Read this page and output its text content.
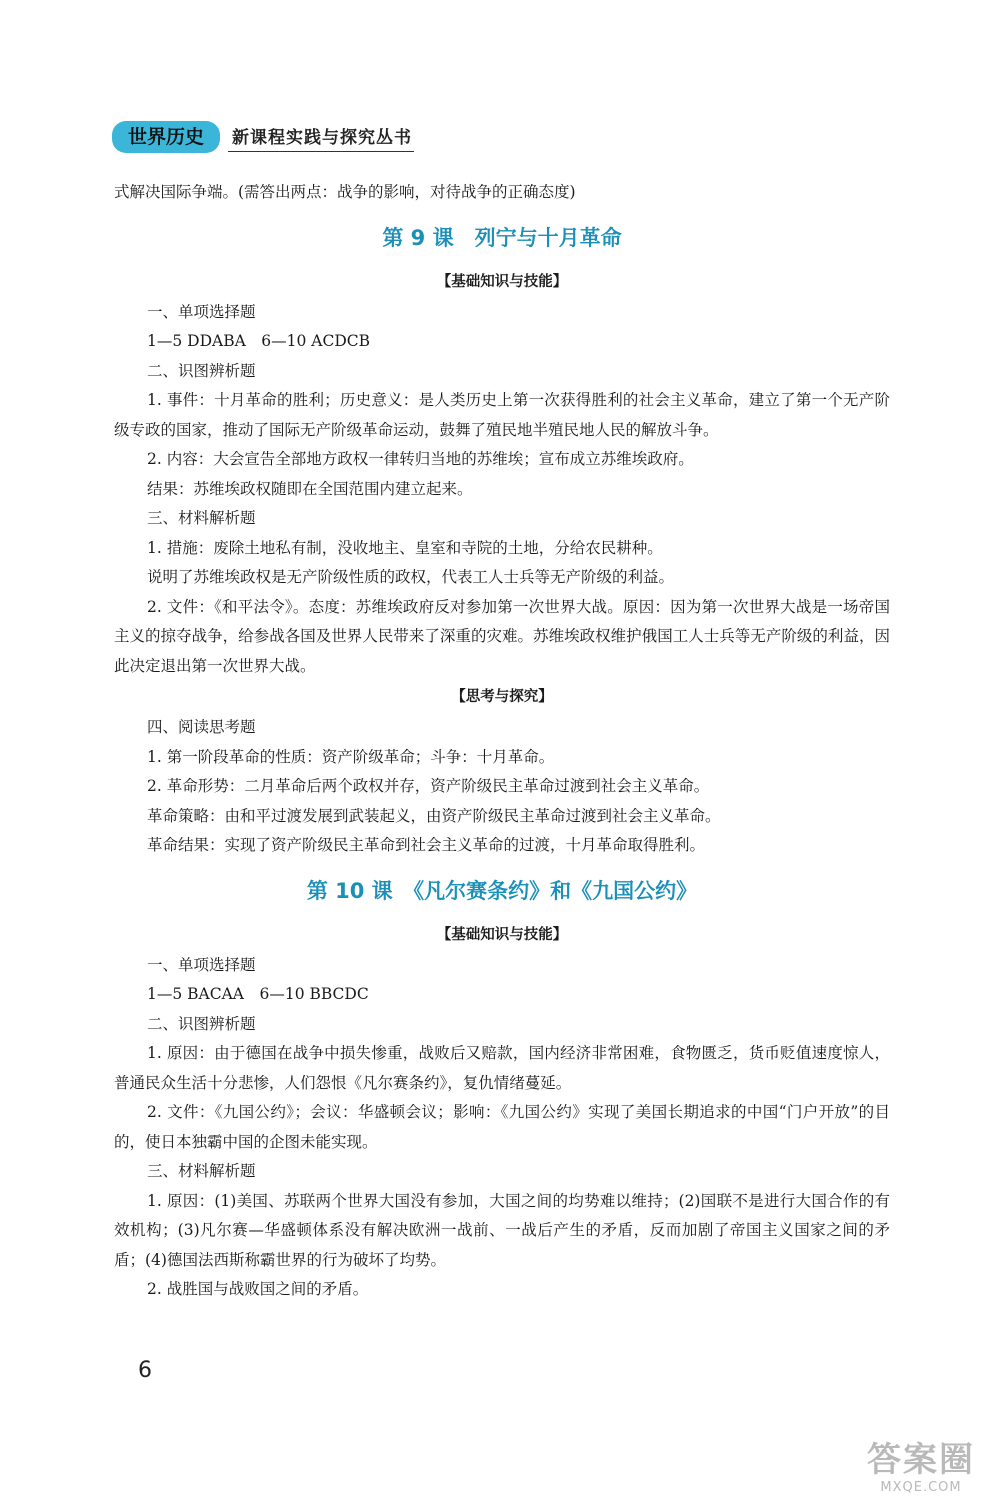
世界历史	新课程实践与探究丛书

式解决国际争端。(需答出两点：战争的影响，对待战争的正确态度)

第 9 课　列宁与十月革命
【基础知识与技能】

一、单项选择题

1—5 DDABA　6—10 ACDCB

二、识图辨析题

1. 事件：十月革命的胜利；历史意义：是人类历史上第一次获得胜利的社会主义革命，建立了第一个无产阶级专政的国家，推动了国际无产阶级革命运动，鼓舞了殖民地半殖民地人民的解放斗争。

2. 内容：大会宣告全部地方政权一律转归当地的苏维埃；宣布成立苏维埃政府。

结果：苏维埃政权随即在全国范围内建立起来。

三、材料解析题

1. 措施：废除土地私有制，没收地主、皇室和寺院的土地，分给农民耕种。

说明了苏维埃政权是无产阶级性质的政权，代表工人士兵等无产阶级的利益。

2. 文件：《和平法令》。态度：苏维埃政府反对参加第一次世界大战。原因：因为第一次世界大战是一场帝国主义的掠夺战争，给参战各国及世界人民带来了深重的灾难。苏维埃政权维护俄国工人士兵等无产阶级的利益，因此决定退出第一次世界大战。

【思考与探究】

四、阅读思考题

1. 第一阶段革命的性质：资产阶级革命；斗争：十月革命。

2. 革命形势：二月革命后两个政权并存，资产阶级民主革命过渡到社会主义革命。

革命策略：由和平过渡发展到武装起义，由资产阶级民主革命过渡到社会主义革命。

革命结果：实现了资产阶级民主革命到社会主义革命的过渡，十月革命取得胜利。

第 10 课　《凡尔赛条约》和《九国公约》
【基础知识与技能】

一、单项选择题

1—5 BACAA　6—10 BBCDC

二、识图辨析题

1. 原因：由于德国在战争中损失惨重，战败后又赔款，国内经济非常困难，食物匮乏，货币贬值速度惊人，普通民众生活十分悲惨，人们怨恨《凡尔赛条约》，复仇情绪蔓延。

2. 文件：《九国公约》；会议：华盛顿会议；影响：《九国公约》实现了美国长期追求的中国“门户开放”的目的，使日本独霸中国的企图未能实现。

三、材料解析题

1. 原因：(1)美国、苏联两个世界大国没有参加，大国之间的均势难以维持；(2)国联不是进行大国合作的有效机构；(3)凡尔赛—华盛顿体系没有解决欧洲一战前、一战后产生的矛盾，反而加剧了帝国主义国家之间的矛盾；(4)德国法西斯称霸世界的行为破坏了均势。

2. 战胜国与战败国之间的矛盾。

6
答案圈
MXQE.COM
